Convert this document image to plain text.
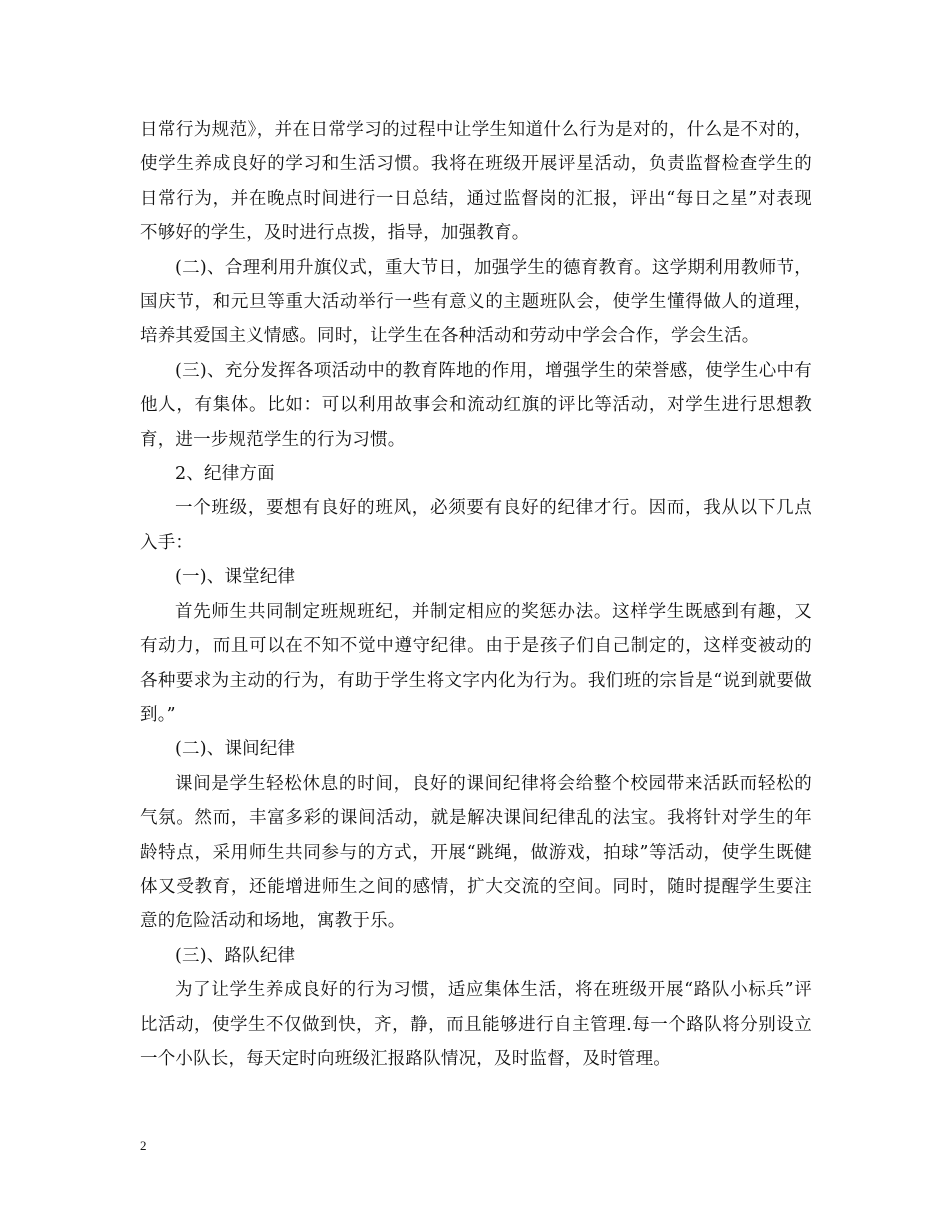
日常行为规范》，并在日常学习的过程中让学生知道什么行为是对的，什么是不对的，使学生养成良好的学习和生活习惯。我将在班级开展评星活动，负责监督检查学生的日常行为，并在晚点时间进行一日总结，通过监督岗的汇报，评出“每日之星”对表现不够好的学生，及时进行点拨，指导，加强教育。

(二)、合理利用升旗仪式，重大节日，加强学生的德育教育。这学期利用教师节，国庆节，和元旦等重大活动举行一些有意义的主题班队会，使学生懂得做人的道理，培养其爱国主义情感。同时，让学生在各种活动和劳动中学会合作，学会生活。

(三)、充分发挥各项活动中的教育阵地的作用，增强学生的荣誉感，使学生心中有他人，有集体。比如：可以利用故事会和流动红旗的评比等活动，对学生进行思想教育，进一步规范学生的行为习惯。

2、纪律方面

一个班级，要想有良好的班风，必须要有良好的纪律才行。因而，我从以下几点入手：

(一)、课堂纪律

首先师生共同制定班规班纪，并制定相应的奖惩办法。这样学生既感到有趣，又有动力，而且可以在不知不觉中遵守纪律。由于是孩子们自己制定的，这样变被动的各种要求为主动的行为，有助于学生将文字内化为行为。我们班的宗旨是“说到就要做到。”

(二)、课间纪律

课间是学生轻松休息的时间，良好的课间纪律将会给整个校园带来活跃而轻松的气氛。然而，丰富多彩的课间活动，就是解决课间纪律乱的法宝。我将针对学生的年龄特点，采用师生共同参与的方式，开展“跳绳，做游戏，拍球”等活动，使学生既健体又受教育，还能增进师生之间的感情，扩大交流的空间。同时，随时提醒学生要注意的危险活动和场地，寓教于乐。

(三)、路队纪律

为了让学生养成良好的行为习惯，适应集体生活，将在班级开展“路队小标兵”评比活动，使学生不仅做到快，齐，静，而且能够进行自主管理.每一个路队将分别设立一个小队长，每天定时向班级汇报路队情况，及时监督，及时管理。

2
